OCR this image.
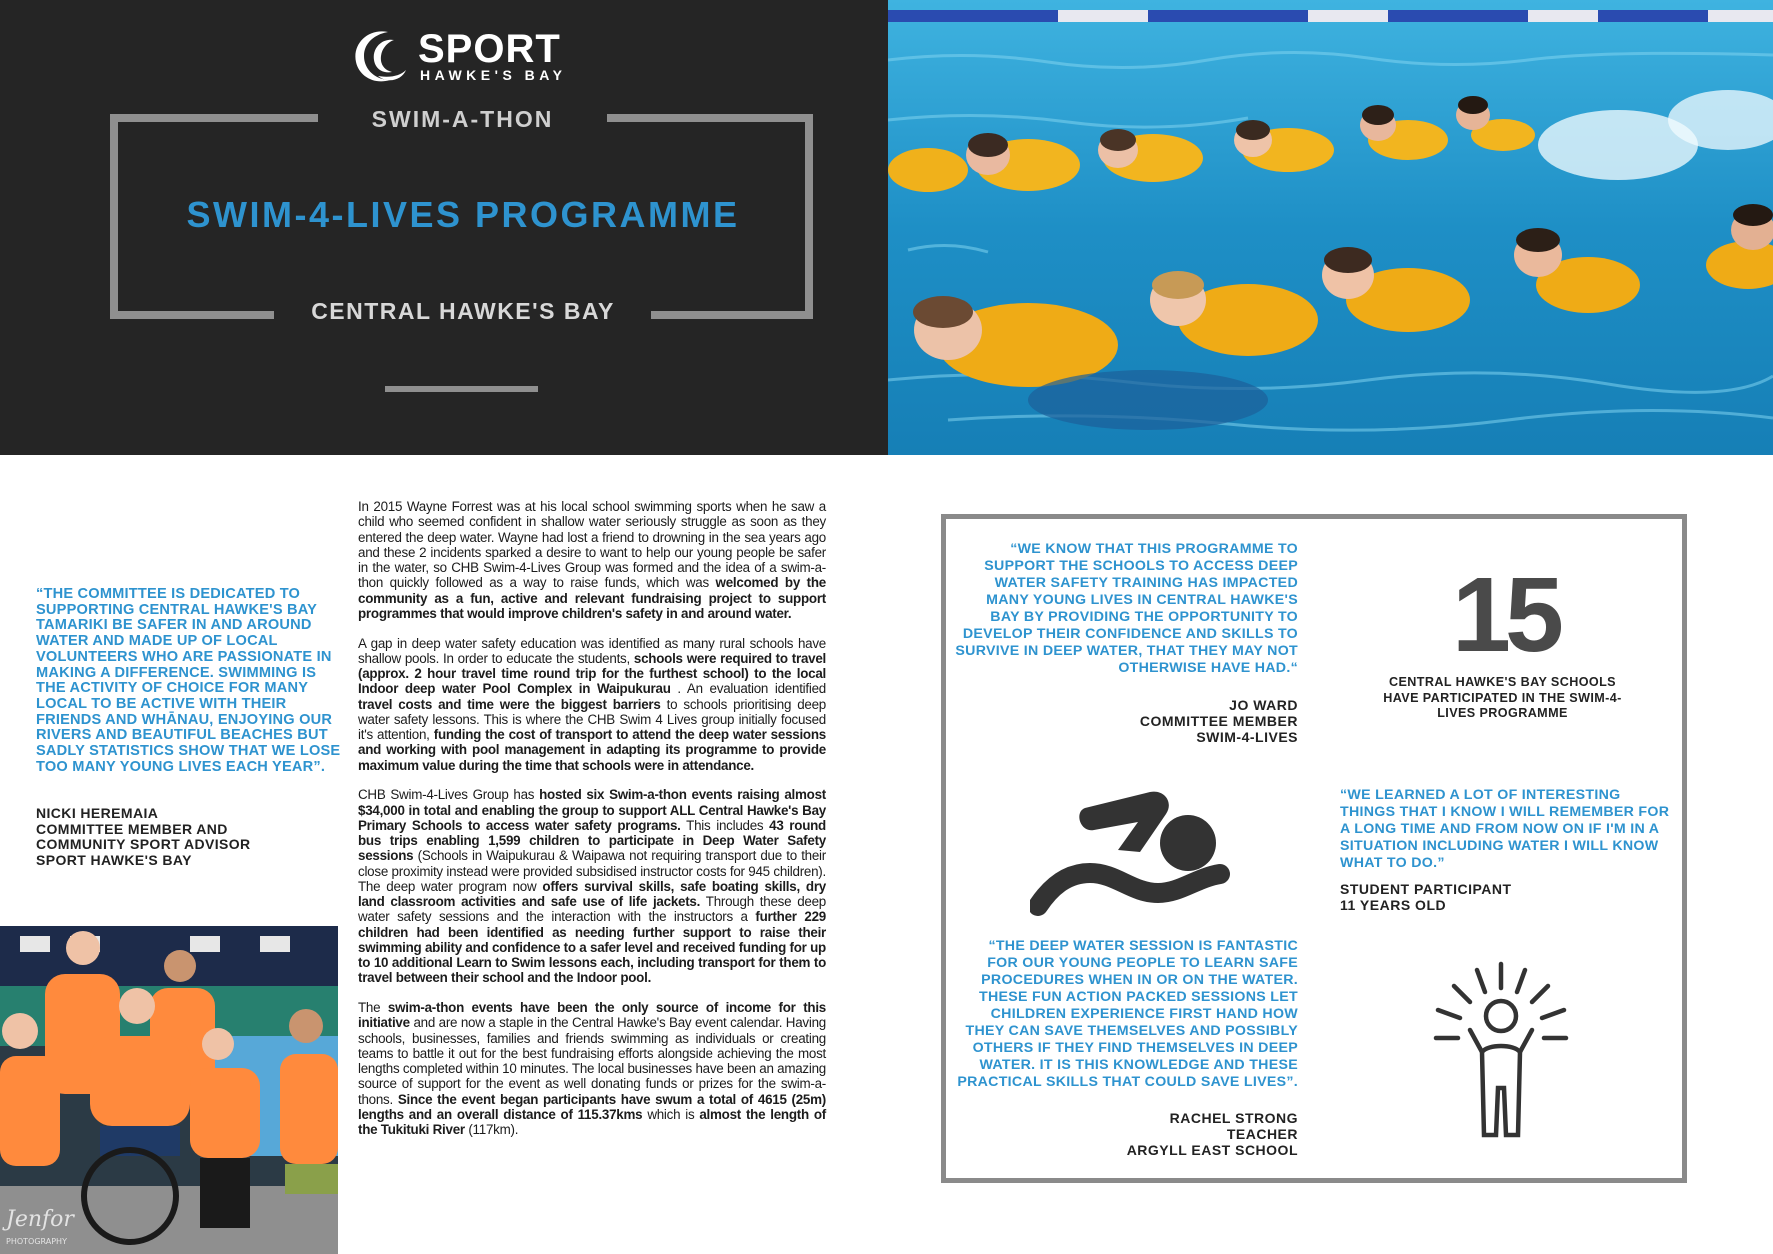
SPORT
HAWKE'S BAY
SWIM-A-THON
SWIM-4-LIVES PROGRAMME
CENTRAL HAWKE'S BAY
“THE COMMITTEE IS DEDICATED TO SUPPORTING CENTRAL HAWKE'S BAY TAMARIKI BE SAFER IN AND AROUND WATER AND MADE UP OF LOCAL VOLUNTEERS WHO ARE PASSIONATE IN MAKING A DIFFERENCE. SWIMMING IS THE ACTIVITY OF CHOICE FOR MANY LOCAL TO BE ACTIVE WITH THEIR FRIENDS AND WHĀNAU, ENJOYING OUR RIVERS AND BEAUTIFUL BEACHES BUT SADLY STATISTICS SHOW THAT WE LOSE TOO MANY YOUNG LIVES EACH YEAR”.
NICKI HEREMAIA
COMMITTEE MEMBER AND
COMMUNITY SPORT ADVISOR
SPORT HAWKE'S BAY
Jenfor
PHOTOGRAPHY

In 2015 Wayne Forrest was at his local school swimming sports when he saw a child who seemed confident in shallow water seriously struggle as soon as they entered the deep water. Wayne had lost a friend to drowning in the sea years ago and these 2 incidents sparked a desire to want to help our young people be safer in the water, so CHB Swim-4-Lives Group was formed and the idea of a swim-a-thon quickly followed as a way to raise funds, which was welcomed by the community as a fun, active and relevant fundraising project to support programmes that would improve children's safety in and around water.

A gap in deep water safety education was identified as many rural schools have shallow pools. In order to educate the students, schools were required to travel (approx. 2 hour travel time round trip for the furthest school) to the local Indoor deep water Pool Complex in Waipukurau . An evaluation identified travel costs and time were the biggest barriers to schools prioritising deep water safety lessons. This is where the CHB Swim 4 Lives group initially focused it's attention, funding the cost of transport to attend the deep water sessions and working with pool management in adapting its programme to provide maximum value during the time that schools were in attendance.

CHB Swim-4-Lives Group has hosted six Swim-a-thon events raising almost $34,000 in total and enabling the group to support ALL Central Hawke's Bay Primary Schools to access water safety programs. This includes 43 round bus trips enabling 1,599 children to participate in Deep Water Safety sessions (Schools in Waipukurau & Waipawa not requiring transport due to their close proximity instead were provided subsidised instructor costs for 945 children). The deep water program now offers survival skills, safe boating skills, dry land classroom activities and safe use of life jackets. Through these deep water safety sessions and the interaction with the instructors a further 229 children had been identified as needing further support to raise their swimming ability and confidence to a safer level and received funding for up to 10 additional Learn to Swim lessons each, including transport for them to travel between their school and the Indoor pool.

The swim-a-thon events have been the only source of income for this initiative and are now a staple in the Central Hawke's Bay event calendar. Having schools, businesses, families and friends swimming as individuals or creating teams to battle it out for the best fundraising efforts alongside achieving the most lengths completed within 10 minutes. The local businesses have been an amazing source of support for the event as well donating funds or prizes for the swim-a-thons. Since the event began participants have swum a total of 4615 (25m) lengths and an overall distance of 115.37kms which is almost the length of the Tukituki River (117km).

“WE KNOW THAT THIS PROGRAMME TO SUPPORT THE SCHOOLS TO ACCESS DEEP WATER SAFETY TRAINING HAS IMPACTED MANY YOUNG LIVES IN CENTRAL HAWKE'S BAY BY PROVIDING THE OPPORTUNITY TO DEVELOP THEIR CONFIDENCE AND SKILLS TO SURVIVE IN DEEP WATER, THAT THEY MAY NOT OTHERWISE HAVE HAD.“
JO WARD
COMMITTEE MEMBER
SWIM-4-LIVES
15
CENTRAL HAWKE'S BAY SCHOOLS HAVE PARTICIPATED IN THE SWIM-4-LIVES PROGRAMME
“WE LEARNED A LOT OF INTERESTING THINGS THAT I KNOW I WILL REMEMBER FOR A LONG TIME AND FROM NOW ON IF I'M IN A SITUATION INCLUDING WATER I WILL KNOW WHAT TO DO.”
STUDENT PARTICIPANT
11 YEARS OLD
“THE DEEP WATER SESSION IS FANTASTIC FOR OUR YOUNG PEOPLE TO LEARN SAFE PROCEDURES WHEN IN OR ON THE WATER. THESE FUN ACTION PACKED SESSIONS LET CHILDREN EXPERIENCE FIRST HAND HOW THEY CAN SAVE THEMSELVES AND POSSIBLY OTHERS IF THEY FIND THEMSELVES IN DEEP WATER. IT IS THIS KNOWLEDGE AND THESE PRACTICAL SKILLS THAT COULD SAVE LIVES”.
RACHEL STRONG
TEACHER
ARGYLL EAST SCHOOL
